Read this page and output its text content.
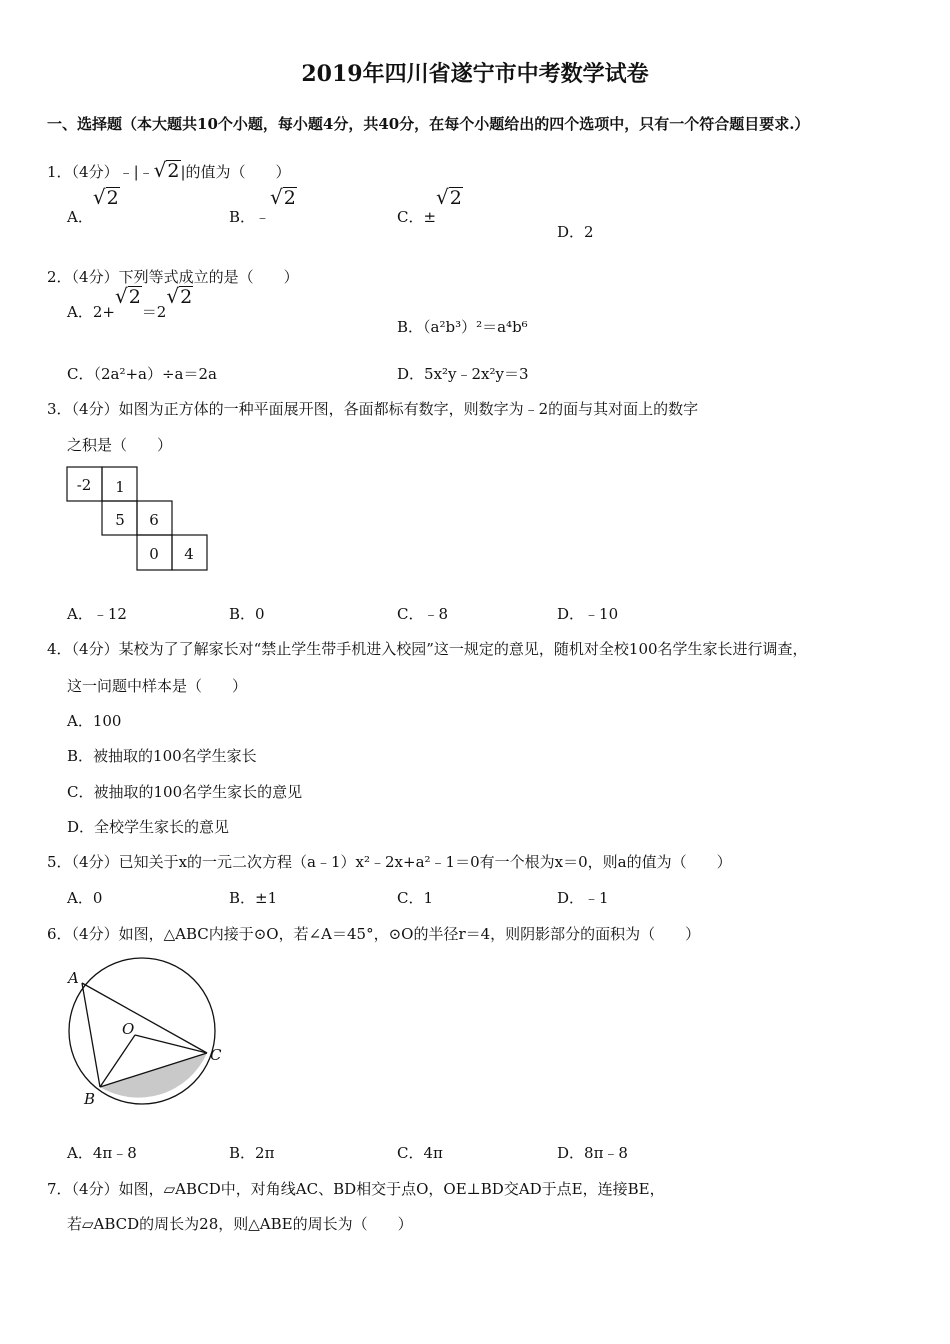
2019年四川省遂宁市中考数学试卷
一、选择题（本大题共10个小题，每小题4分，共40分，在每个小题给出的四个选项中，只有一个符合题目要求.）
1．（4分）﹣|﹣√2|的值为（　　）
A．√2
B．﹣√2
C．±√2
D．2
2．（4分）下列等式成立的是（　　）
A．2+√2＝2√2
B．（a²b³）²＝a⁴b⁶
C．（2a²+a）÷a＝2a	D．5x²y﹣2x²y＝3
3．（4分）如图为正方体的一种平面展开图，各面都标有数字，则数字为﹣2的面与其对面上的数字
之积是（　　）
-2 1
5 6
0 4
A．﹣12	B．0	C．﹣8	D．﹣10
4．（4分）某校为了了解家长对“禁止学生带手机进入校园”这一规定的意见，随机对全校100名学生家长进行调查，
这一问题中样本是（　　）
A．100
B．被抽取的100名学生家长
C．被抽取的100名学生家长的意见
D．全校学生家长的意见
5．（4分）已知关于x的一元二次方程（a﹣1）x²﹣2x+a²﹣1＝0有一个根为x＝0，则a的值为（　　）
A．0	B．±1	C．1	D．﹣1
6．（4分）如图，△ABC内接于⊙O，若∠A＝45°，⊙O的半径r＝4，则阴影部分的面积为（　　）
A
O
C
B
A．4π﹣8	B．2π	C．4π	D．8π﹣8
7．（4分）如图，▱ABCD中，对角线AC、BD相交于点O，OE⊥BD交AD于点E，连接BE，
若▱ABCD的周长为28，则△ABE的周长为（　　）
